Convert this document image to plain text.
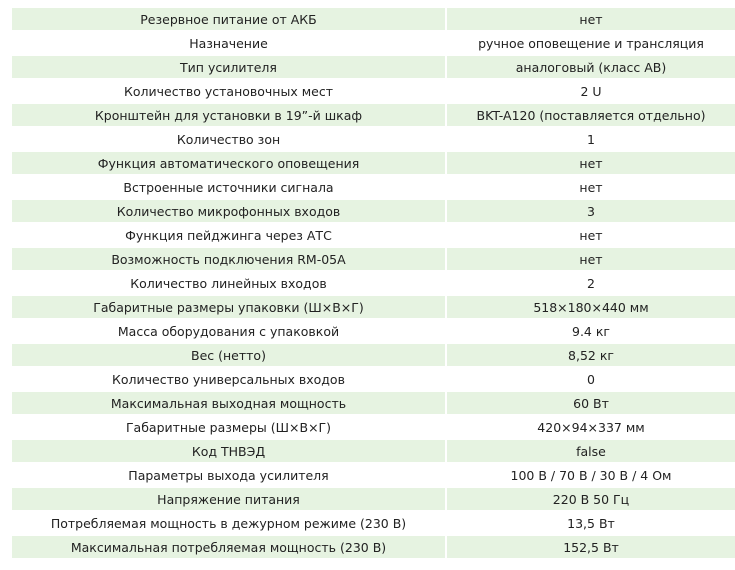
Резервное питание от АКБ	нет
Назначение	ручное оповещение и трансляция
Тип усилителя	аналоговый (класс АВ)
Количество установочных мест	2 U
Кронштейн для установки в 19”-й шкаф	BKT-A120 (поставляется отдельно)
Количество зон	1
Функция автоматического оповещения	нет
Встроенные источники сигнала	нет
Количество микрофонных входов	3
Функция пейджинга через АТС	нет
Возможность подключения RM-05A	нет
Количество линейных входов	2
Габаритные размеры упаковки (Ш×В×Г)	518×180×440 мм
Масса оборудования с упаковкой	9.4 кг
Вес (нетто)	8,52 кг
Количество универсальных входов	0
Максимальная выходная мощность	60 Вт
Габаритные размеры (Ш×В×Г)	420×94×337 мм
Код ТНВЭД	false
Параметры выхода усилителя	100 В / 70 В / 30 В / 4 Ом
Напряжение питания	220 В 50 Гц
Потребляемая мощность в дежурном режиме (230 В)	13,5 Вт
Максимальная потребляемая мощность (230 В)	152,5 Вт
